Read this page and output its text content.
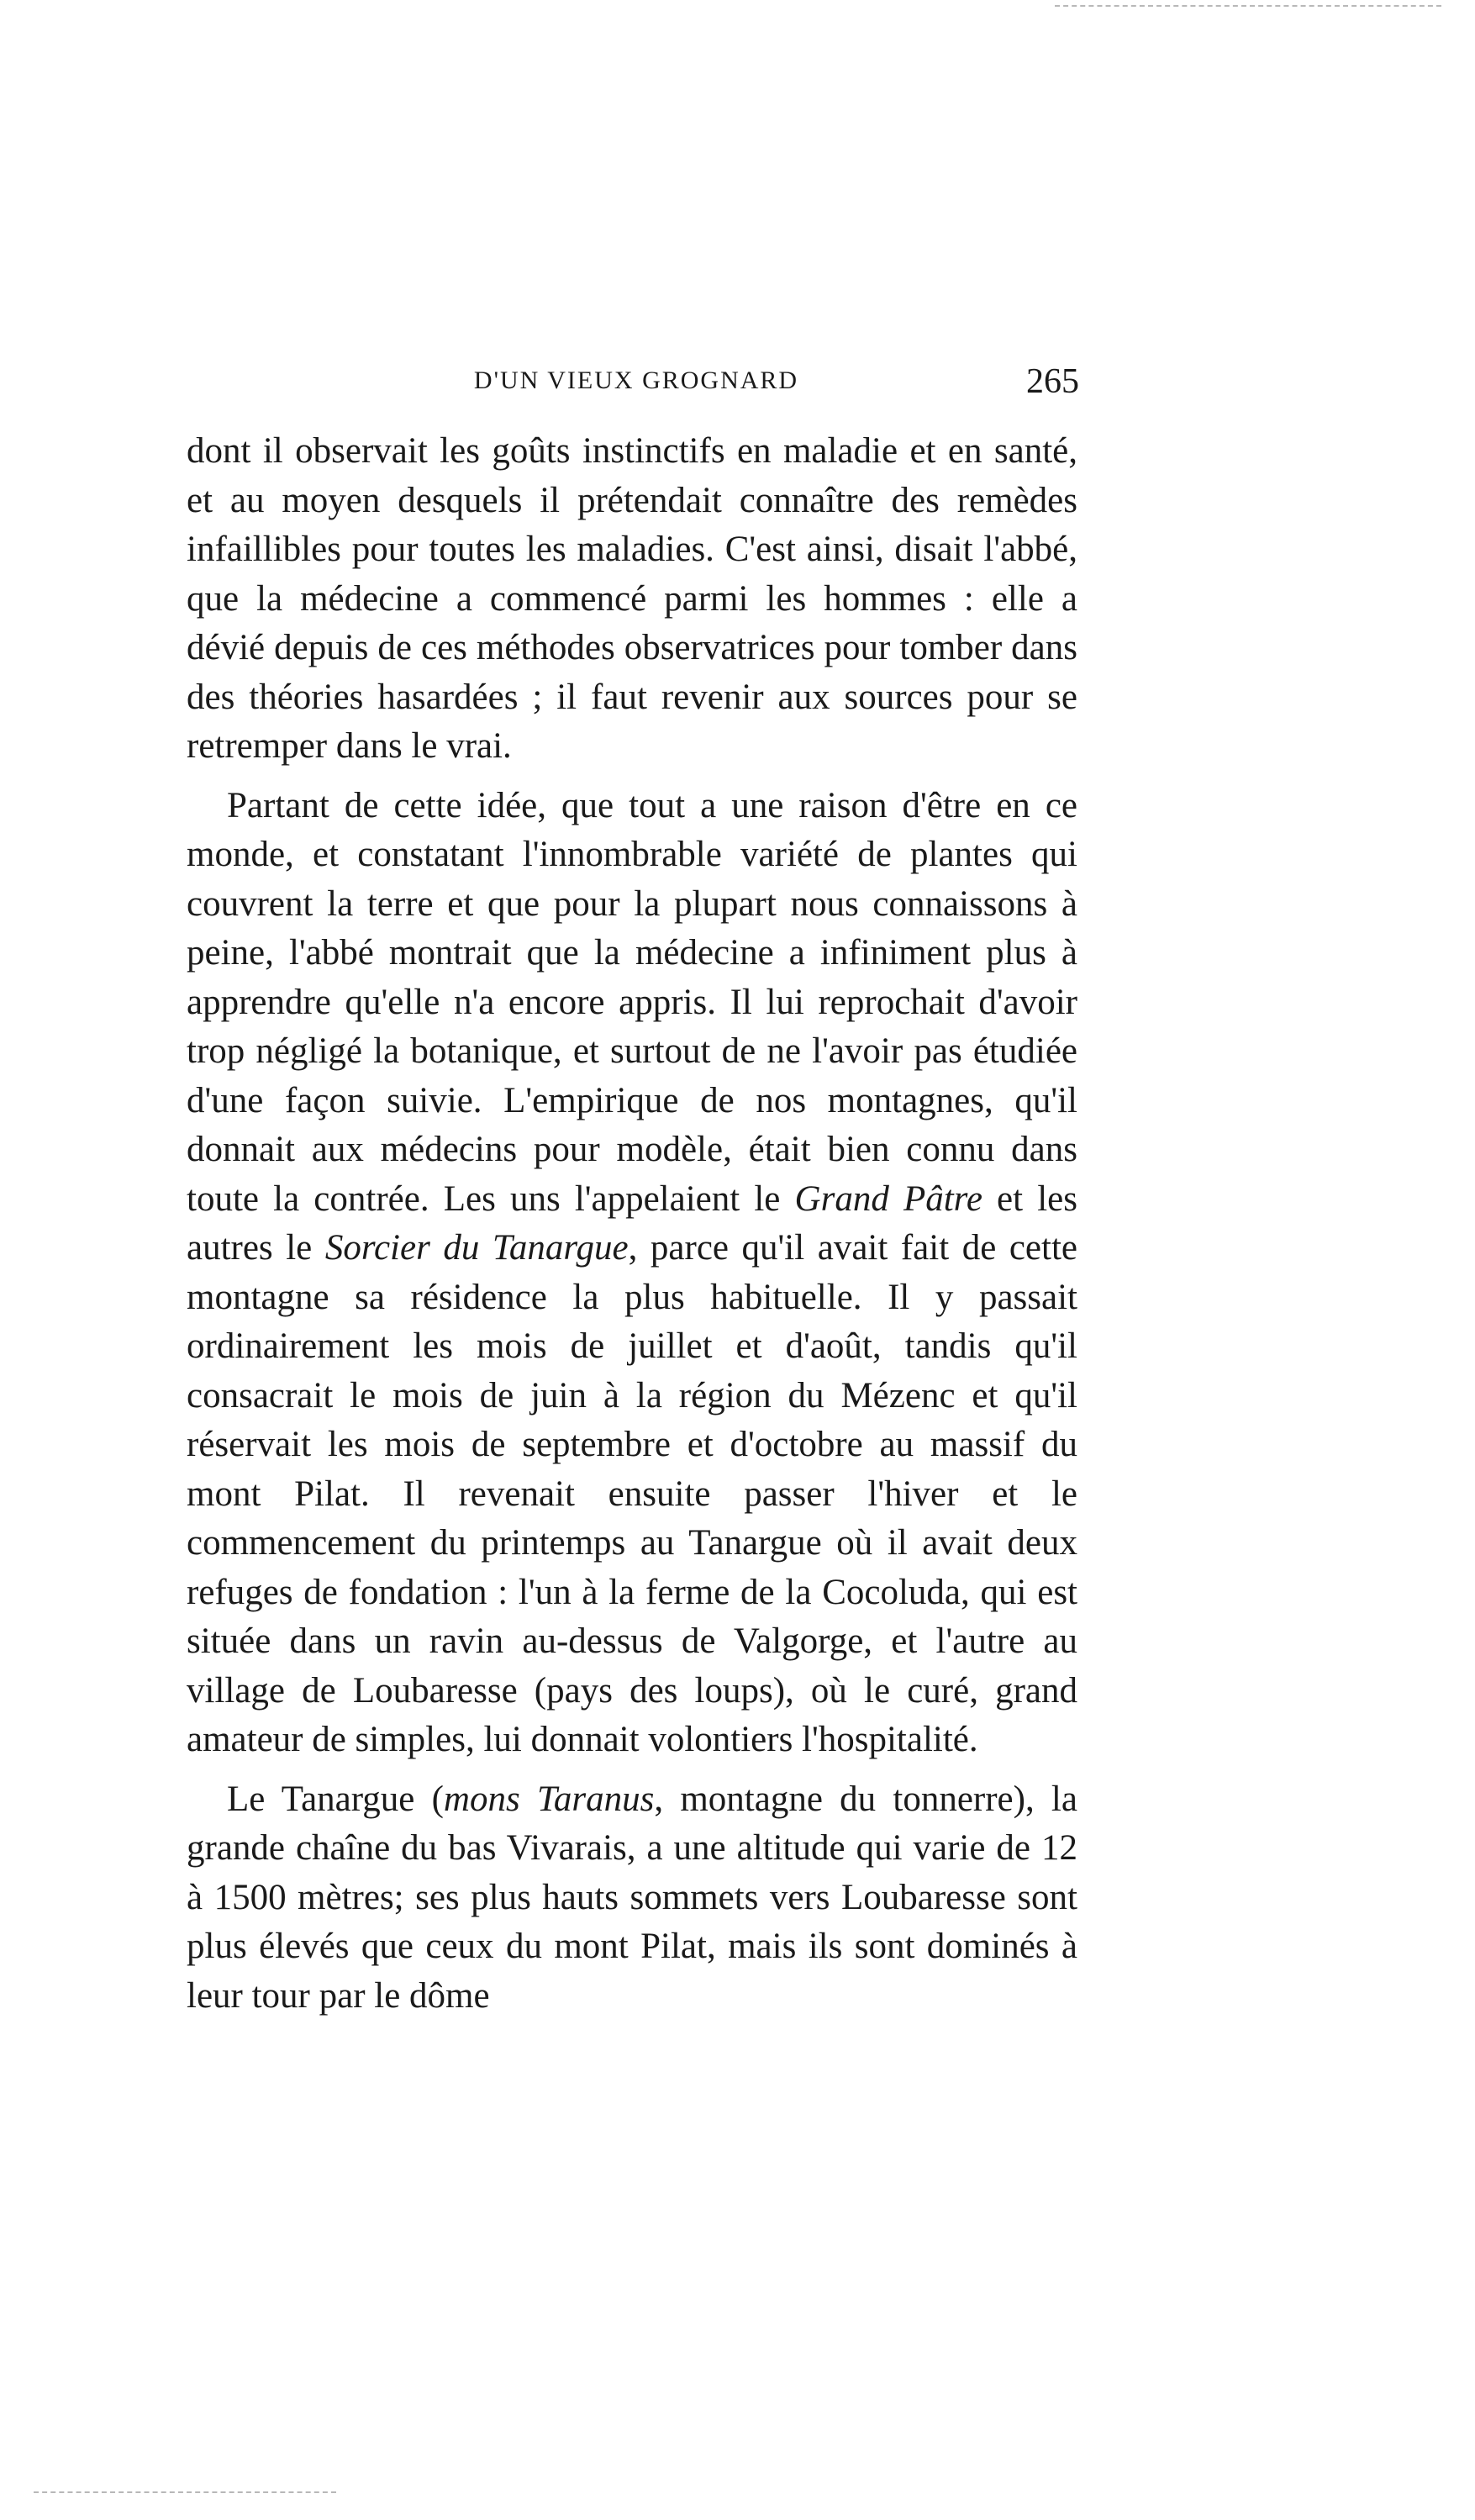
D'UN VIEUX GROGNARD	265

dont il observait les goûts instinctifs en maladie et en santé, et au moyen desquels il prétendait connaître des remèdes infaillibles pour toutes les maladies. C'est ainsi, disait l'abbé, que la médecine a commencé parmi les hommes : elle a dévié depuis de ces méthodes observatrices pour tomber dans des théories hasardées ; il faut revenir aux sources pour se retremper dans le vrai.

Partant de cette idée, que tout a une raison d'être en ce monde, et constatant l'innombrable variété de plantes qui couvrent la terre et que pour la plupart nous connaissons à peine, l'abbé montrait que la médecine a infiniment plus à apprendre qu'elle n'a encore appris. Il lui reprochait d'avoir trop négligé la botanique, et surtout de ne l'avoir pas étudiée d'une façon suivie. L'empirique de nos montagnes, qu'il donnait aux médecins pour modèle, était bien connu dans toute la contrée. Les uns l'appelaient le Grand Pâtre et les autres le Sorcier du Tanargue, parce qu'il avait fait de cette montagne sa résidence la plus habituelle. Il y passait ordinairement les mois de juillet et d'août, tandis qu'il consacrait le mois de juin à la région du Mézenc et qu'il réservait les mois de septembre et d'octobre au massif du mont Pilat. Il revenait ensuite passer l'hiver et le commencement du printemps au Tanargue où il avait deux refuges de fondation : l'un à la ferme de la Cocoluda, qui est située dans un ravin au-dessus de Valgorge, et l'autre au village de Loubaresse (pays des loups), où le curé, grand amateur de simples, lui donnait volontiers l'hospitalité.

Le Tanargue (mons Taranus, montagne du tonnerre), la grande chaîne du bas Vivarais, a une altitude qui varie de 12 à 1500 mètres; ses plus hauts sommets vers Loubaresse sont plus élevés que ceux du mont Pilat, mais ils sont dominés à leur tour par le dôme
